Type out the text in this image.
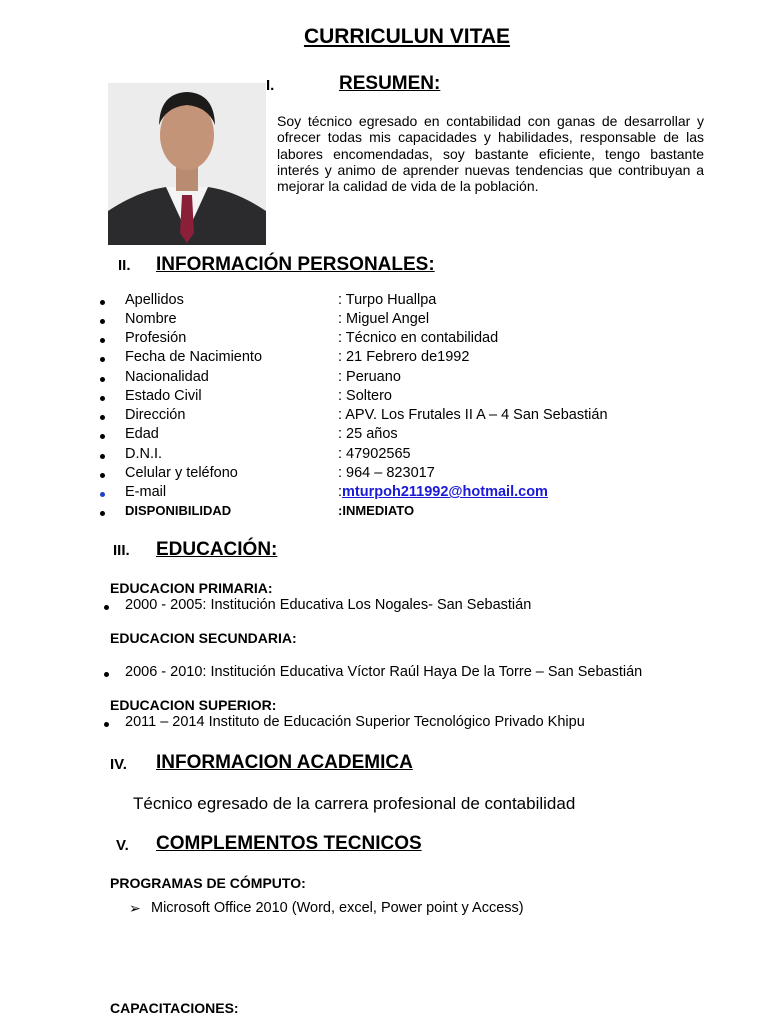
CURRICULUN VITAE
I.	RESUMEN:
Soy técnico egresado en contabilidad con ganas de desarrollar y ofrecer todas mis capacidades y habilidades, responsable de las labores encomendadas, soy bastante eficiente, tengo bastante interés y animo de aprender nuevas tendencias que contribuyan a mejorar la calidad de vida de la población.
II. INFORMACIÓN PERSONALES:
Apellidos	: Turpo Huallpa
Nombre	: Miguel Angel
Profesión	: Técnico en contabilidad
Fecha de Nacimiento	: 21 Febrero de1992
Nacionalidad	: Peruano
Estado Civil	: Soltero
Dirección	: APV. Los Frutales II A – 4 San Sebastián
Edad	: 25 años
D.N.I.	: 47902565
Celular y teléfono	: 964 – 823017
E-mail	:mturpoh211992@hotmail.com
DISPONIBILIDAD	:INMEDIATO
III. EDUCACIÓN:
EDUCACION PRIMARIA:
2000 - 2005: Institución Educativa Los Nogales- San Sebastián
EDUCACION SECUNDARIA:
2006 - 2010: Institución Educativa Víctor Raúl Haya De la Torre – San Sebastián
EDUCACION SUPERIOR:
2011 – 2014 Instituto de Educación Superior Tecnológico Privado Khipu
IV. INFORMACION ACADEMICA
Técnico egresado de la carrera profesional de contabilidad
V. COMPLEMENTOS TECNICOS
PROGRAMAS DE CÓMPUTO:
➢ Microsoft Office 2010 (Word, excel, Power point y Access)
CAPACITACIONES:
